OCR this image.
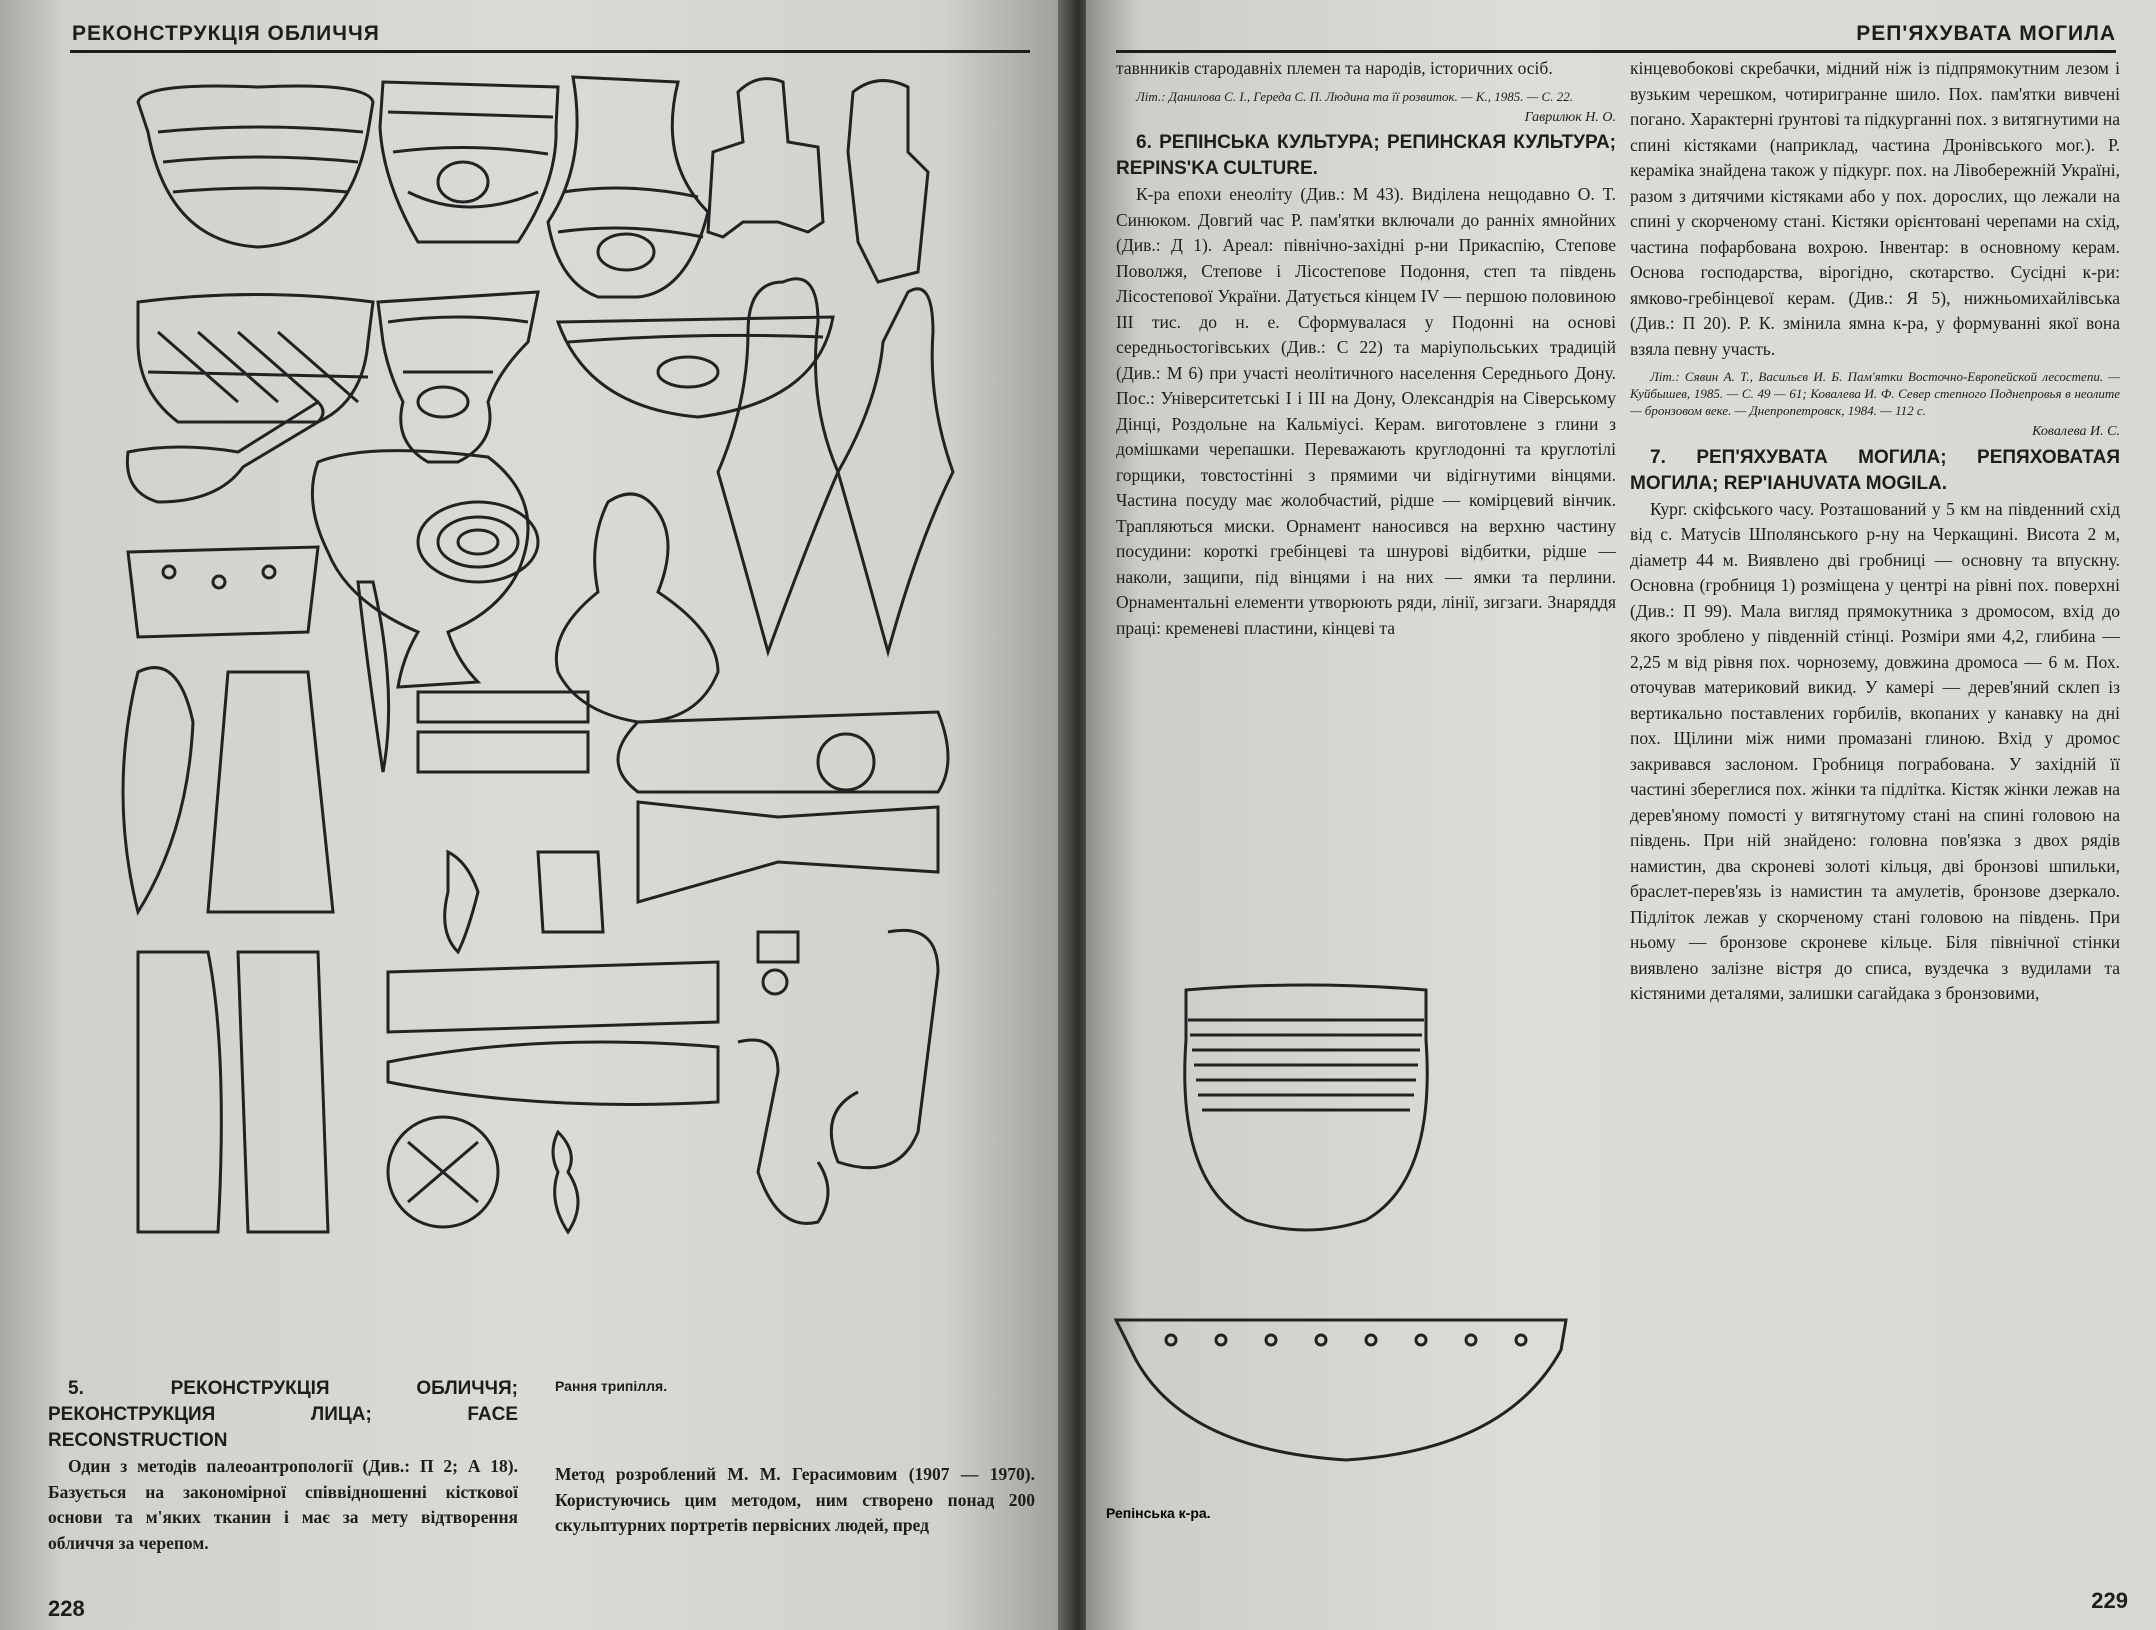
РЕКОНСТРУКЦІЯ ОБЛИЧЧЯ
Рання трипілля.

5. РЕКОНСТРУКЦІЯ ОБЛИЧЧЯ; РЕКОНСТРУКЦИЯ ЛИЦА; FACE RECONSTRUCTION

Один з методів палеоантропології (Див.: П 2; А 18). Базується на закономірної співвідношенні кісткової основи та м'яких тканин і має за мету відтворення обличчя за черепом.

Метод розроблений М. М. Герасимовим (1907 — 1970). Користуючись цим методом, ним створено понад 200 скульптурних портретів первісних людей, пред

228
РЕП'ЯХУВАТА МОГИЛА

тавнників стародавніх племен та народів, історичних осіб.

Літ.: Данилова С. І., Гереда С. П. Людина та її розвиток. — К., 1985. — С. 22.

Гаврилюк Н. О.

6. РЕПІНСЬКА КУЛЬТУРА; РЕПИНСКАЯ КУЛЬТУРА; REPINS'KA CULTURE.

К-ра епохи енеоліту (Див.: М 43). Виділена нещодавно О. Т. Синюком. Довгий час Р. пам'ятки включали до ранніх ямнoйних (Див.: Д 1). Ареал: північно-західні р-ни Прикаспію, Степове Поволжя, Степове і Лісостепове Подоння, степ та південь Лісостепової України. Датується кінцем IV — першою половиною III тис. до н. е. Сформувалася у Подонні на основі середньостогівських (Див.: С 22) та маріупольських традицій (Див.: М 6) при участі неолітичного населення Середнього Дону. Пос.: Університетські I і III на Дону, Олександрія на Сіверському Дінці, Роздольне на Кальміусі. Керам. виготовлене з глини з домішками черепашки. Переважають круглодонні та круглотілі горщики, товстостінні з прямими чи відігнутими вінцями. Частина посуду має жолобчастий, рідше — комірцевий вінчик. Трапляються миски. Орнамент наносився на верхню частину посудини: короткі гребінцеві та шнурові відбитки, рідше — наколи, защипи, під вінцями і на них — ямки та перлини. Орнаментальні елементи утворюють ряди, лінії, зигзаги. Знаряддя праці: кременеві пластини, кінцеві та

кінцевобокові скребачки, мідний ніж із підпрямокутним лезом і вузьким черешком, чотиригранне шило. Пох. пам'ятки вивчені погано. Характерні ґрунтові та підкурганні пох. з витягнутими на спині кістяками (наприклад, частина Дронівського мог.). Р. кераміка знайдена також у підкург. пох. на Лівобережній Україні, разом з дитячими кістяками або у пох. дорослих, що лежали на спині у скорченому стані. Кістяки орієнтовані черепами на схід, частина пофарбована вохрою. Інвентар: в основному керам. Основа господарства, вірогідно, скотарство. Сусідні к-ри: ямково-гребінцевої керам. (Див.: Я 5), нижньомихайлівська (Див.: П 20). Р. К. змінила ямна к-ра, у формуванні якої вона взяла певну участь.

Літ.: Сявин А. Т., Васильєв И. Б. Пам'ятки Восточно-Европейской лесостепи. — Куйбышев, 1985. — С. 49 — 61; Ковалева И. Ф. Север степного Поднепровья в неолите — бронзовом веке. — Днепропетровск, 1984. — 112 с.

Ковалева И. С.

7. РЕП'ЯХУВАТА МОГИЛА; РЕПЯХОВАТАЯ МОГИЛА; REP'IAHUVATA MOGILA.

Кург. скіфського часу. Розташований у 5 км на південний схід від с. Матусів Шполянського р-ну на Черкащині. Висота 2 м, діаметр 44 м. Виявлено дві гробниці — основну та впускну. Основна (гробниця 1) розміщена у центрі на рівні пох. поверхні (Див.: П 99). Мала вигляд прямокутника з дромосом, вхід до якого зроблено у південній стінці. Розміри ями 4,2, глибина — 2,25 м від рівня пох. чорнозему, довжина дромоса — 6 м. Пох. оточував материковий викид. У камері — дерев'яний склеп із вертикально поставлених горбилів, вкопаних у канавку на дні пох. Щілини між ними промазані глиною. Вхід у дромос закривався заслоном. Гробниця пограбована. У західній її частині збереглися пох. жінки та підлітка. Кістяк жінки лежав на дерев'яному помості у витягнутому стані на спині головою на південь. При ній знайдено: головна пов'язка з двох рядів намистин, два скроневі золоті кільця, дві бронзові шпильки, браслет-перев'язь із намистин та амулетів, бронзове дзеркало. Підліток лежав у скорченому стані головою на південь. При ньому — бронзове скроневе кільце. Біля північної стінки виявлено залізне вістря до списа, вуздечка з вудилами та кістяними деталями, залишки сагайдака з бронзовими,

229
Репінська к-ра.
